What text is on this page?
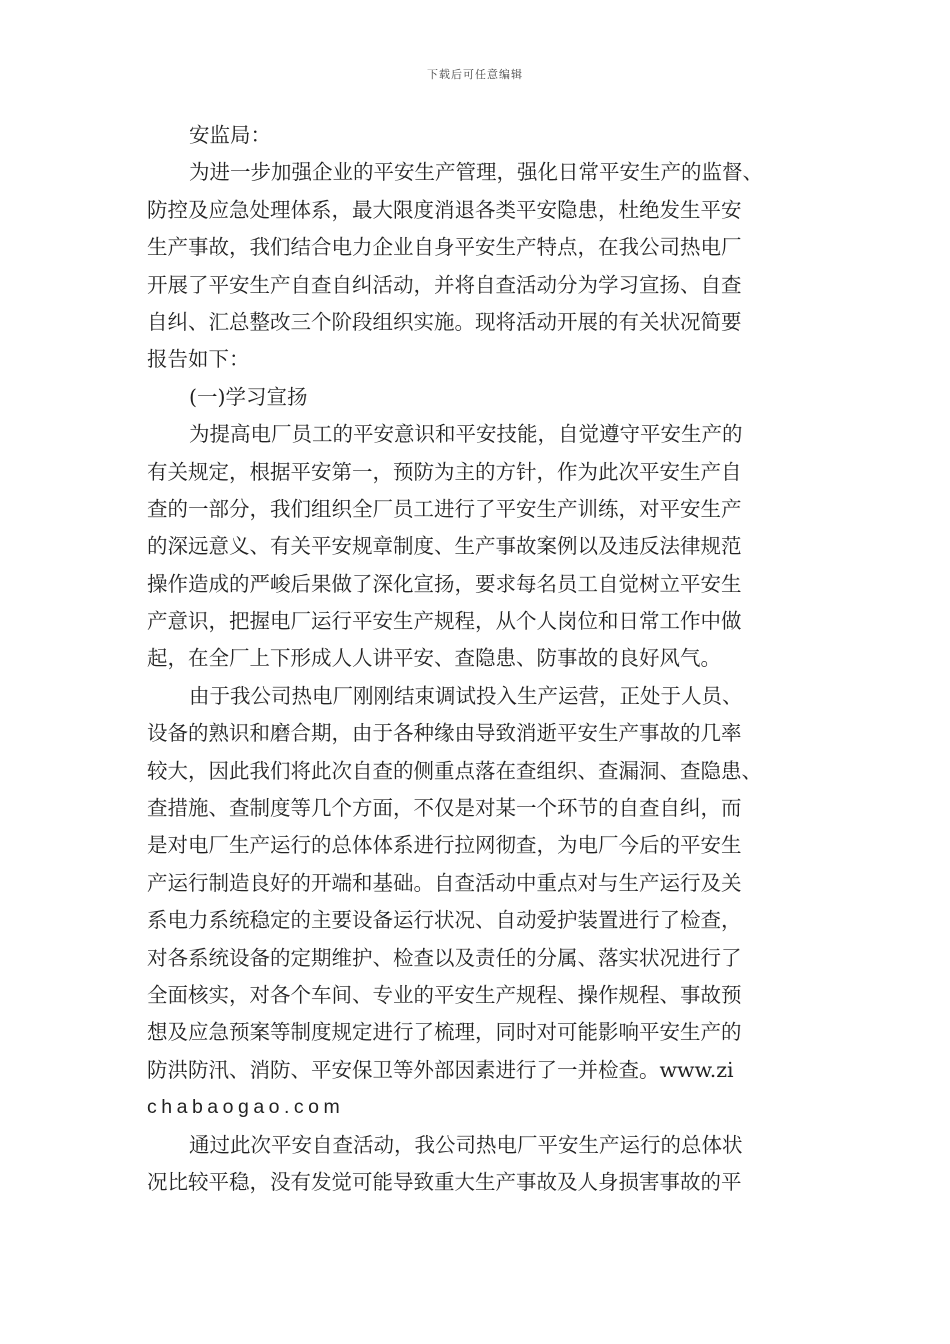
下载后可任意编辑
安监局：
为进一步加强企业的平安生产管理，强化日常平安生产的监督、
防控及应急处理体系，最大限度消退各类平安隐患，杜绝发生平安
生产事故，我们结合电力企业自身平安生产特点，在我公司热电厂
开展了平安生产自查自纠活动，并将自查活动分为学习宣扬、自查
自纠、汇总整改三个阶段组织实施。现将活动开展的有关状况简要
报告如下：
(一)学习宣扬
为提高电厂员工的平安意识和平安技能，自觉遵守平安生产的
有关规定，根据平安第一，预防为主的方针，作为此次平安生产自
查的一部分，我们组织全厂员工进行了平安生产训练，对平安生产
的深远意义、有关平安规章制度、生产事故案例以及违反法律规范
操作造成的严峻后果做了深化宣扬，要求每名员工自觉树立平安生
产意识，把握电厂运行平安生产规程，从个人岗位和日常工作中做
起，在全厂上下形成人人讲平安、查隐患、防事故的良好风气。
由于我公司热电厂刚刚结束调试投入生产运营，正处于人员、
设备的熟识和磨合期，由于各种缘由导致消逝平安生产事故的几率
较大，因此我们将此次自查的侧重点落在查组织、查漏洞、查隐患、
查措施、查制度等几个方面，不仅是对某一个环节的自查自纠，而
是对电厂生产运行的总体体系进行拉网彻查，为电厂今后的平安生
产运行制造良好的开端和基础。自查活动中重点对与生产运行及关
系电力系统稳定的主要设备运行状况、自动爱护装置进行了检查，
对各系统设备的定期维护、检查以及责任的分属、落实状况进行了
全面核实，对各个车间、专业的平安生产规程、操作规程、事故预
想及应急预案等制度规定进行了梳理，同时对可能影响平安生产的
防洪防汛、消防、平安保卫等外部因素进行了一并检查。www.zi
chabaogao.com
通过此次平安自查活动，我公司热电厂平安生产运行的总体状
况比较平稳，没有发觉可能导致重大生产事故及人身损害事故的平
